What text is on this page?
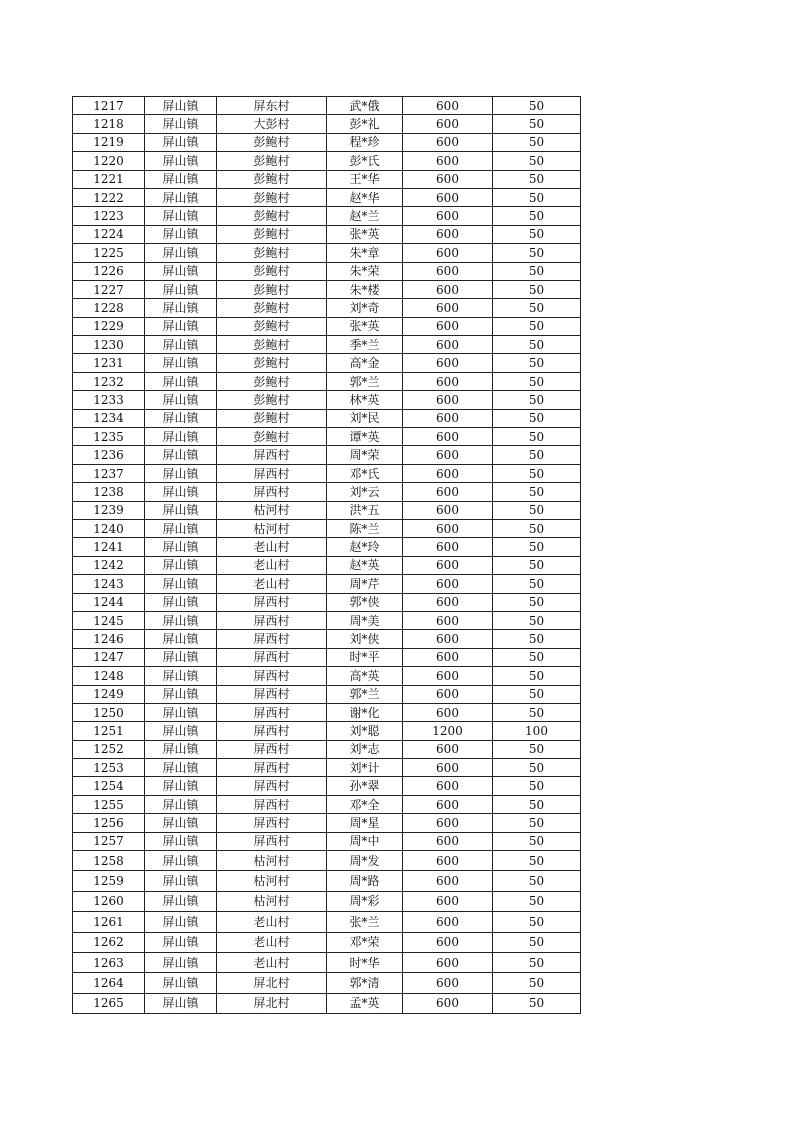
1217	屏山镇	屏东村	武*俄	600	50
1218	屏山镇	大彭村	彭*礼	600	50
1219	屏山镇	彭鲍村	程*珍	600	50
1220	屏山镇	彭鲍村	彭*氏	600	50
1221	屏山镇	彭鲍村	王*华	600	50
1222	屏山镇	彭鲍村	赵*华	600	50
1223	屏山镇	彭鲍村	赵*兰	600	50
1224	屏山镇	彭鲍村	张*英	600	50
1225	屏山镇	彭鲍村	朱*章	600	50
1226	屏山镇	彭鲍村	朱*荣	600	50
1227	屏山镇	彭鲍村	朱*楼	600	50
1228	屏山镇	彭鲍村	刘*奇	600	50
1229	屏山镇	彭鲍村	张*英	600	50
1230	屏山镇	彭鲍村	季*兰	600	50
1231	屏山镇	彭鲍村	高*金	600	50
1232	屏山镇	彭鲍村	郭*兰	600	50
1233	屏山镇	彭鲍村	林*英	600	50
1234	屏山镇	彭鲍村	刘*民	600	50
1235	屏山镇	彭鲍村	谭*英	600	50
1236	屏山镇	屏西村	周*荣	600	50
1237	屏山镇	屏西村	邓*氏	600	50
1238	屏山镇	屏西村	刘*云	600	50
1239	屏山镇	枯河村	洪*五	600	50
1240	屏山镇	枯河村	陈*兰	600	50
1241	屏山镇	老山村	赵*玲	600	50
1242	屏山镇	老山村	赵*英	600	50
1243	屏山镇	老山村	周*芹	600	50
1244	屏山镇	屏西村	郭*侠	600	50
1245	屏山镇	屏西村	周*美	600	50
1246	屏山镇	屏西村	刘*侠	600	50
1247	屏山镇	屏西村	时*平	600	50
1248	屏山镇	屏西村	高*英	600	50
1249	屏山镇	屏西村	郭*兰	600	50
1250	屏山镇	屏西村	谢*化	600	50
1251	屏山镇	屏西村	刘*聪	1200	100
1252	屏山镇	屏西村	刘*志	600	50
1253	屏山镇	屏西村	刘*计	600	50
1254	屏山镇	屏西村	孙*翠	600	50
1255	屏山镇	屏西村	邓*全	600	50
1256	屏山镇	屏西村	周*星	600	50
1257	屏山镇	屏西村	周*中	600	50
1258	屏山镇	枯河村	周*发	600	50
1259	屏山镇	枯河村	周*路	600	50
1260	屏山镇	枯河村	周*彩	600	50
1261	屏山镇	老山村	张*兰	600	50
1262	屏山镇	老山村	邓*荣	600	50
1263	屏山镇	老山村	时*华	600	50
1264	屏山镇	屏北村	郭*清	600	50
1265	屏山镇	屏北村	孟*英	600	50
